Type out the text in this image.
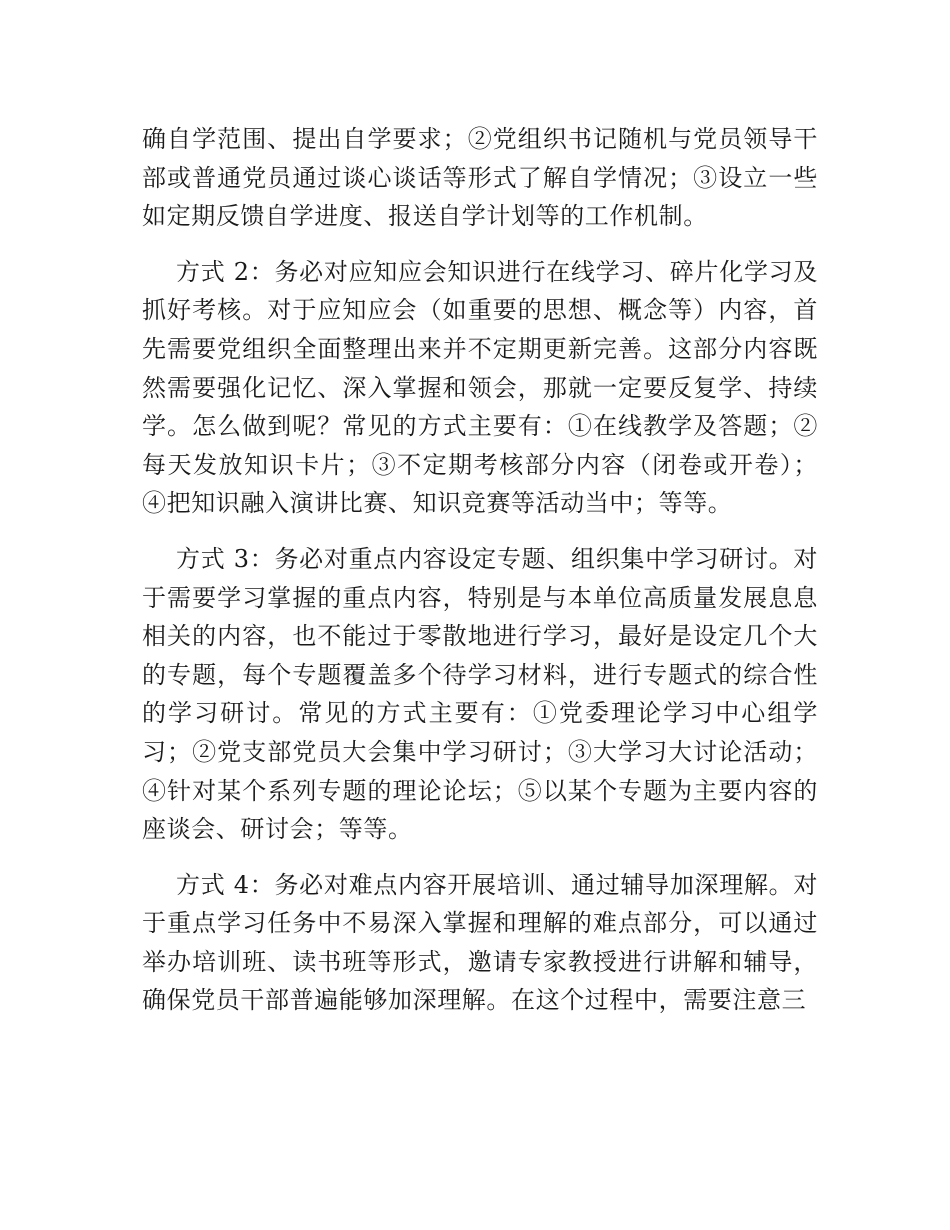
确自学范围、提出自学要求；②党组织书记随机与党员领导干部或普通党员通过谈心谈话等形式了解自学情况；③设立一些如定期反馈自学进度、报送自学计划等的工作机制。

方式 2：务必对应知应会知识进行在线学习、碎片化学习及抓好考核。对于应知应会（如重要的思想、概念等）内容，首先需要党组织全面整理出来并不定期更新完善。这部分内容既然需要强化记忆、深入掌握和领会，那就一定要反复学、持续学。怎么做到呢？常见的方式主要有：①在线教学及答题；②每天发放知识卡片；③不定期考核部分内容（闭卷或开卷）；④把知识融入演讲比赛、知识竞赛等活动当中；等等。

方式 3：务必对重点内容设定专题、组织集中学习研讨。对于需要学习掌握的重点内容，特别是与本单位高质量发展息息相关的内容，也不能过于零散地进行学习，最好是设定几个大的专题，每个专题覆盖多个待学习材料，进行专题式的综合性的学习研讨。常见的方式主要有：①党委理论学习中心组学习；②党支部党员大会集中学习研讨；③大学习大讨论活动；④针对某个系列专题的理论论坛；⑤以某个专题为主要内容的座谈会、研讨会；等等。

方式 4：务必对难点内容开展培训、通过辅导加深理解。对于重点学习任务中不易深入掌握和理解的难点部分，可以通过举办培训班、读书班等形式，邀请专家教授进行讲解和辅导，确保党员干部普遍能够加深理解。在这个过程中，需要注意三
